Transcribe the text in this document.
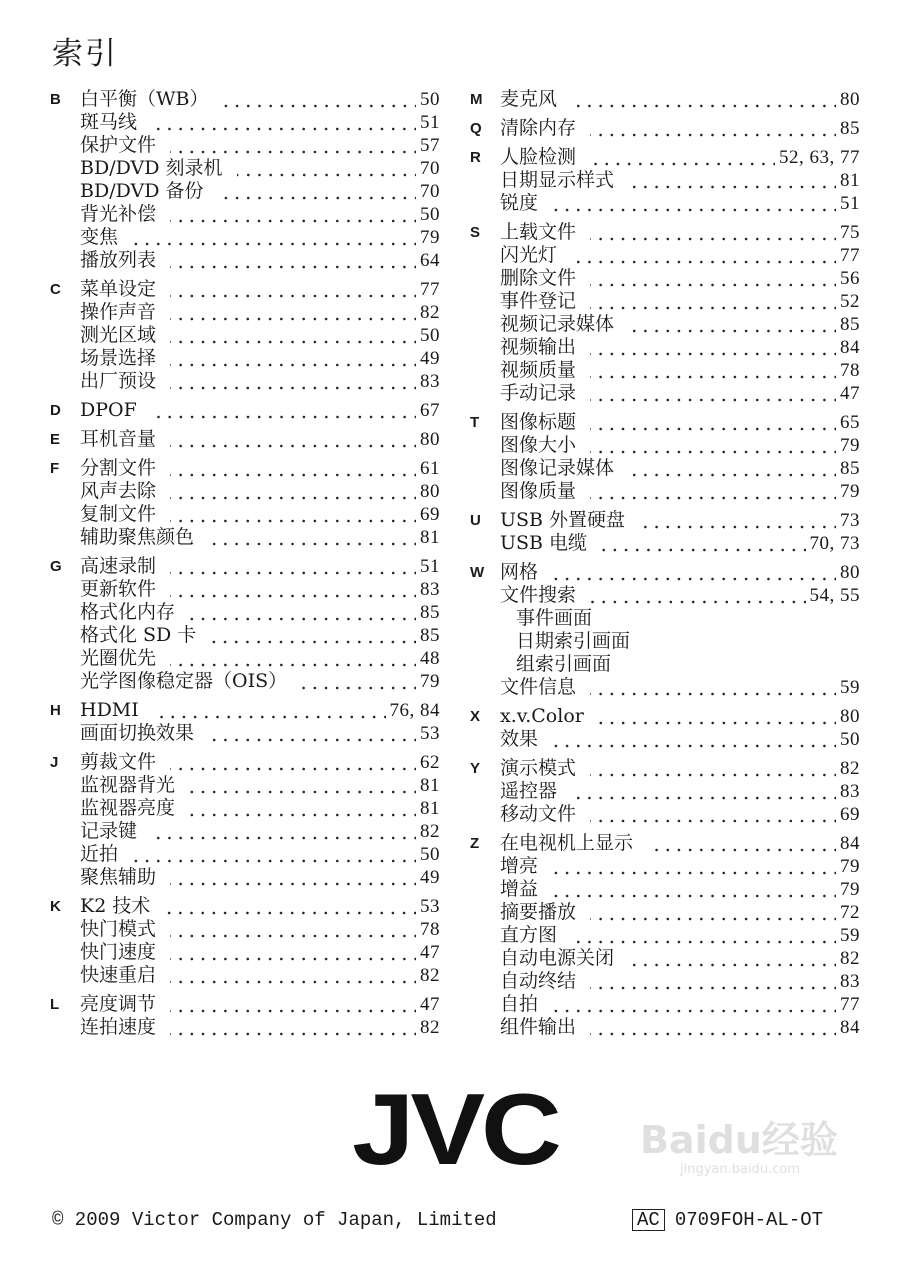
索引
B 白平衡（WB）	50
斑马线	51
保护文件	57
BD/DVD 刻录机	70
BD/DVD 备份	70
背光补偿	50
变焦	79
播放列表	64
C 菜单设定	77
操作声音	82
测光区域	50
场景选择	49
出厂预设	83
D DPOF	67
E 耳机音量	80
F 分割文件	61
风声去除	80
复制文件	69
辅助聚焦颜色	81
G 高速录制	51
更新软件	83
格式化内存	85
格式化 SD 卡	85
光圈优先	48
光学图像稳定器（OIS）	79
H HDMI	76, 84
画面切换效果	53
J 剪裁文件	62
监视器背光	81
监视器亮度	81
记录键	82
近拍	50
聚焦辅助	49
K K2 技术	53
快门模式	78
快门速度	47
快速重启	82
L 亮度调节	47
连拍速度	82
M 麦克风	80
Q 清除内存	85
R 人脸检测	52, 63, 77
日期显示样式	81
锐度	51
S 上载文件	75
闪光灯	77
删除文件	56
事件登记	52
视频记录媒体	85
视频输出	84
视频质量	78
手动记录	47
T 图像标题	65
图像大小	79
图像记录媒体	85
图像质量	79
U USB 外置硬盘	73
USB 电缆	70, 73
W 网格	80
文件搜索	54, 55
事件画面
日期索引画面
组索引画面
文件信息	59
X x.v.Color	80
效果	50
Y 演示模式	82
遥控器	83
移动文件	69
Z 在电视机上显示	84
增亮	79
增益	79
摘要播放	72
直方图	59
自动电源关闭	82
自动终结	83
自拍	77
组件输出	84
JVC	Baidu经验
jingyan.baidu.com
© 2009 Victor Company of Japan, Limited	AC 0709FOH-AL-OT
